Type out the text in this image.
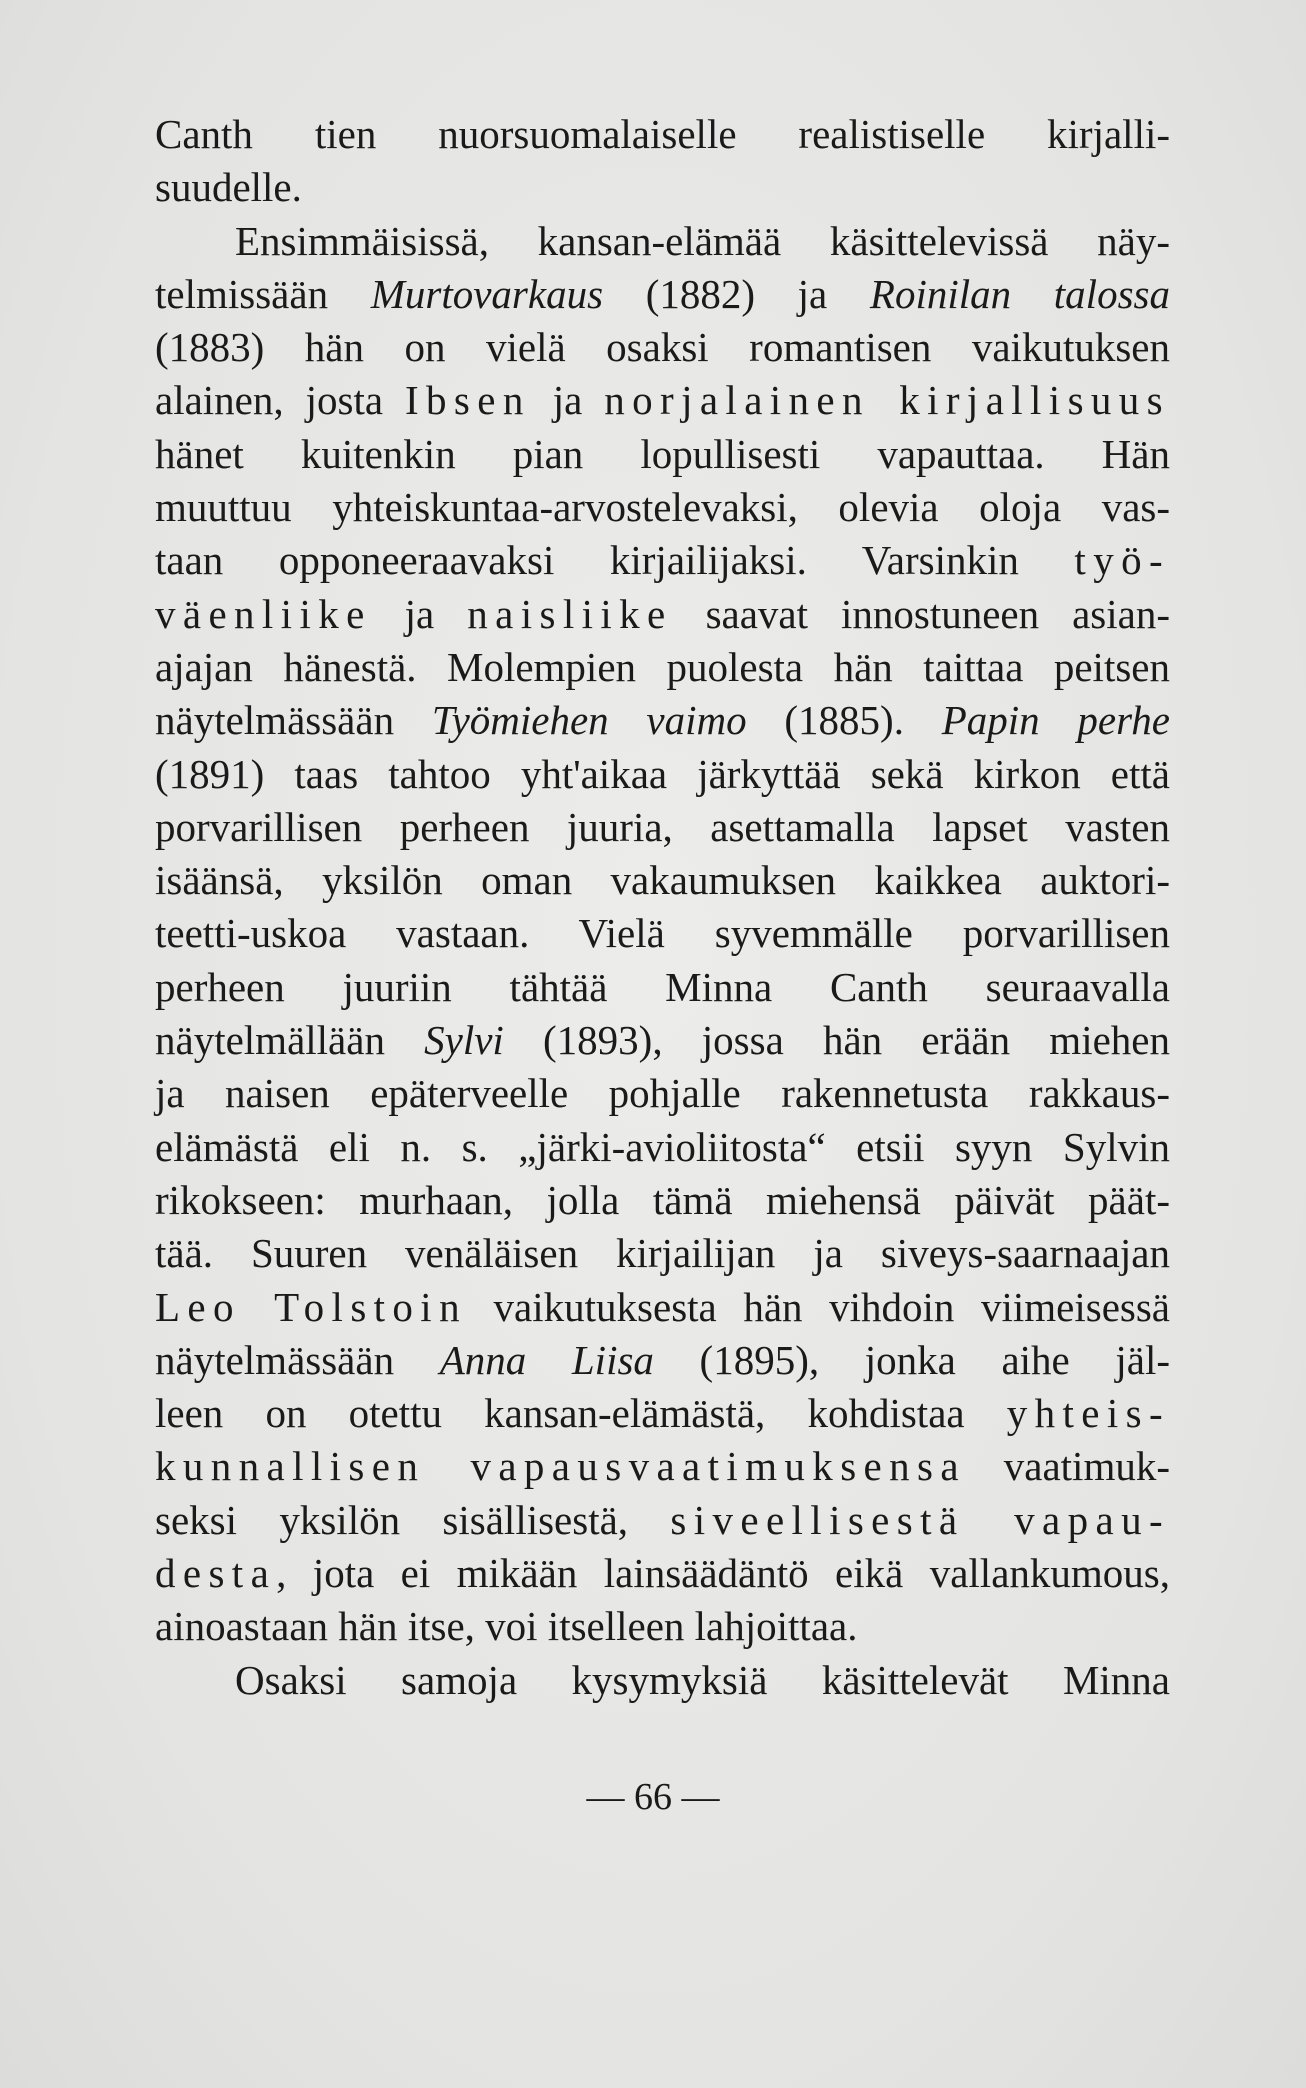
Canth tien nuorsuomalaiselle realistiselle kirjalli-
suudelle.
Ensimmäisissä, kansan-elämää käsittelevissä näy-
telmissään Murtovarkaus (1882) ja Roinilan talossa
(1883) hän on vielä osaksi romantisen vaikutuksen
alainen, josta Ibsen ja norjalainen kirjallisuus
hänet kuitenkin pian lopullisesti vapauttaa. Hän
muuttuu yhteiskuntaa-arvostelevaksi, olevia oloja vas-
taan opponeeraavaksi kirjailijaksi. Varsinkin työ-
väenliike ja naisliike saavat innostuneen asian-
ajajan hänestä. Molempien puolesta hän taittaa peitsen
näytelmässään Työmiehen vaimo (1885). Papin perhe
(1891) taas tahtoo yht'aikaa järkyttää sekä kirkon että
porvarillisen perheen juuria, asettamalla lapset vasten
isäänsä, yksilön oman vakaumuksen kaikkea auktori-
teetti-uskoa vastaan. Vielä syvemmälle porvarillisen
perheen juuriin tähtää Minna Canth seuraavalla
näytelmällään Sylvi (1893), jossa hän erään miehen
ja naisen epäterveelle pohjalle rakennetusta rakkaus-
elämästä eli n. s. „järki-avioliitosta“ etsii syyn Sylvin
rikokseen: murhaan, jolla tämä miehensä päivät päät-
tää. Suuren venäläisen kirjailijan ja siveys-saarnaajan
Leo Tolstoin vaikutuksesta hän vihdoin viimeisessä
näytelmässään Anna Liisa (1895), jonka aihe jäl-
leen on otettu kansan-elämästä, kohdistaa yhteis-
kunnallisen vapausvaatimuksensa vaatimuk-
seksi yksilön sisällisestä, siveellisestä vapau-
desta, jota ei mikään lainsäädäntö eikä vallankumous,
ainoastaan hän itse, voi itselleen lahjoittaa.
Osaksi samoja kysymyksiä käsittelevät Minna
— 66 —
